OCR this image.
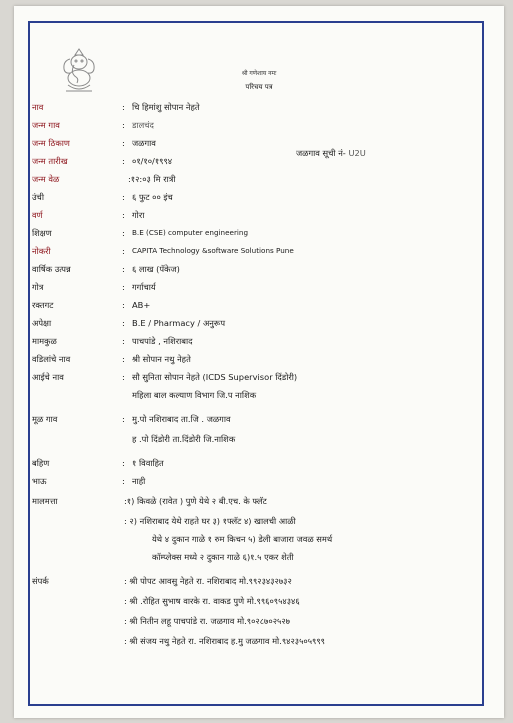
श्री गणेशाय नमः
परिचय पत्र
जळगाव सूची नं- U2U
नाव	: चि हिमांशु सोपान नेहते
जन्म गाव	: डालचंद
जन्म ठिकाण	: जळगाव
जन्म तारीख	: ०१/१०/१९९४
जन्म वेळ	:१२:०३ मि रात्री
उंची	: ६ फुट ०० इंच
वर्ण	: गोरा
शिक्षण	: B.E (CSE) computer engineering
नोकरी	: CAPITA Technology &software Solutions Pune
वार्षिक उत्पन्न	: ६ लाख (पॅकेज)
गोत्र	: गर्गाचार्य
रक्तगट	: AB+
अपेक्षा	: B.E / Pharmacy / अनुरूप
मामकुळ	: पाचपांडे , नशिराबाद
वडिलांचे नाव	: श्री सोपान नथु नेहते
आईचे नाव	: सौ सुनिता सोपान नेहते (ICDS Supervisor दिंडोरी)
महिला बाल कल्याण विभाग जि.प नाशिक
मूळ गाव	: मु.पो नशिराबाद ता.जि . जळगाव
ह .पो दिंडोरी ता.दिंडोरी जि.नाशिक
बहिण	: १ विवाहित
भाऊ	: नाही
मालमत्ता	:१) किवळे (रावेत ) पुणे येथे २ बी.एच. के फ्लॅट
: २) नशिराबाद येथे राहते घर ३) १फ्लॅट ४) खालची आळी
येथे ४ दुकान गाळे १ रुम किचन ५) डेली बाजारा जवळ समर्थ
कॉम्प्लेक्स मध्ये २ दुकान गाळे ६)१.५ एकर शेती
संपर्क	: श्री पोपट आवसु नेहते रा. नशिराबाद मो.९९२३४३२७३२
: श्री .रोहित सुभाष वारके रा. वाकड पुणे मो.९९६०९५४३४६
: श्री नितीन लहू पाचपांडे रा. जळगाव मो.९०२८७०२५२७
: श्री संजय नथु नेहते रा. नशिराबाद ह.मु जळगाव मो.९४२३५०५९९९
